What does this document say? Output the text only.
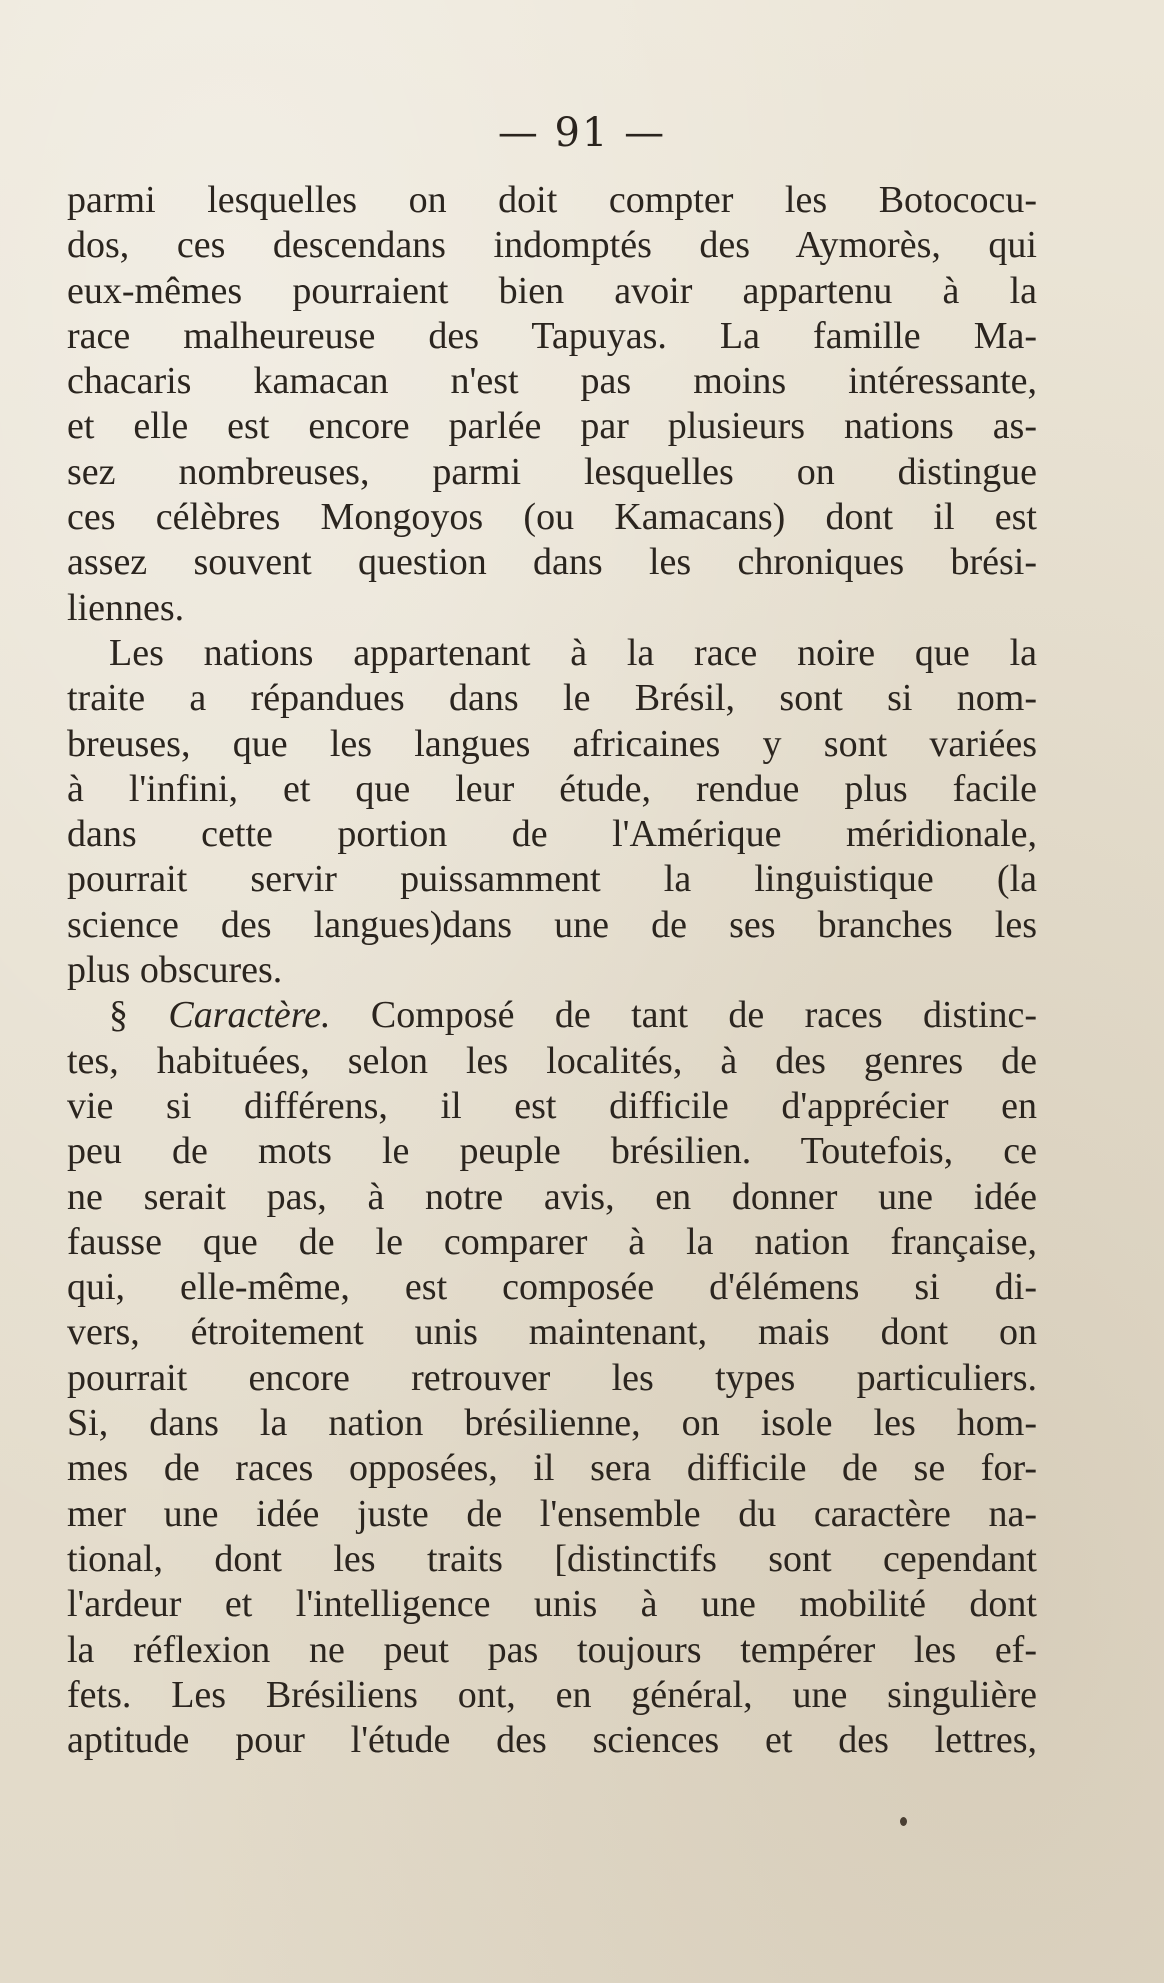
— 91 —
parmi lesquelles on doit compter les Botococu-
dos, ces descendans indomptés des Aymorès, qui
eux-mêmes pourraient bien avoir appartenu à la
race malheureuse des Tapuyas. La famille Ma-
chacaris kamacan n'est pas moins intéressante,
et elle est encore parlée par plusieurs nations as-
sez nombreuses, parmi lesquelles on distingue
ces célèbres Mongoyos (ou Kamacans) dont il est
assez souvent question dans les chroniques brési-
liennes.
Les nations appartenant à la race noire que la
traite a répandues dans le Brésil, sont si nom-
breuses, que les langues africaines y sont variées
à l'infini, et que leur étude, rendue plus facile
dans cette portion de l'Amérique méridionale,
pourrait servir puissamment la linguistique (la
science des langues)dans une de ses branches les
plus obscures.
§ Caractère. Composé de tant de races distinc-
tes, habituées, selon les localités, à des genres de
vie si différens, il est difficile d'apprécier en
peu de mots le peuple brésilien. Toutefois, ce
ne serait pas, à notre avis, en donner une idée
fausse que de le comparer à la nation française,
qui, elle-même, est composée d'élémens si di-
vers, étroitement unis maintenant, mais dont on
pourrait encore retrouver les types particuliers.
Si, dans la nation brésilienne, on isole les hom-
mes de races opposées, il sera difficile de se for-
mer une idée juste de l'ensemble du caractère na-
tional, dont les traits [distinctifs sont cependant
l'ardeur et l'intelligence unis à une mobilité dont
la réflexion ne peut pas toujours tempérer les ef-
fets. Les Brésiliens ont, en général, une singulière
aptitude pour l'étude des sciences et des lettres,
